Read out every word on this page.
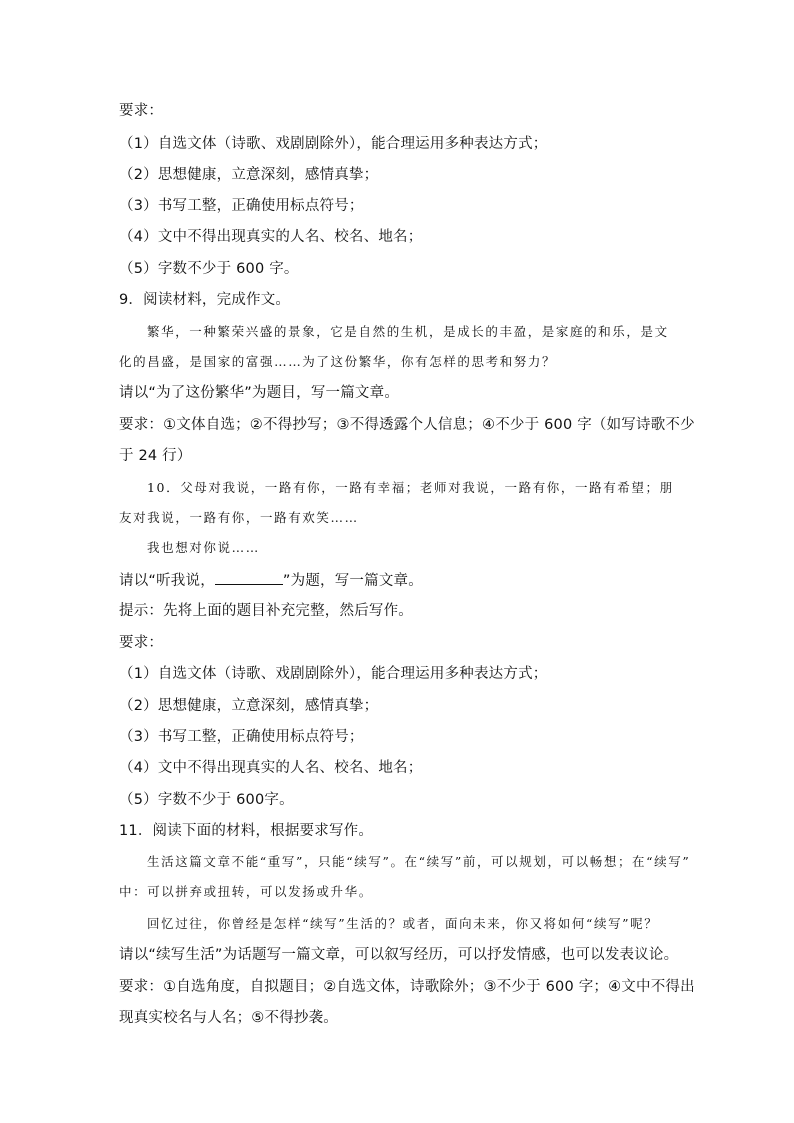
要求：
（1）自选文体（诗歌、戏剧剧除外），能合理运用多种表达方式；
（2）思想健康，立意深刻，感情真挚；
（3）书写工整，正确使用标点符号；
（4）文中不得出现真实的人名、校名、地名；
（5）字数不少于 600 字。
9．阅读材料，完成作文。
繁华，一种繁荣兴盛的景象，它是自然的生机，是成长的丰盈，是家庭的和乐，是文
化的昌盛，是国家的富强……为了这份繁华，你有怎样的思考和努力？
请以“为了这份繁华”为题目，写一篇文章。
要求：①文体自选；②不得抄写；③不得透露个人信息；④不少于 600 字（如写诗歌不少
于 24 行）
10．父母对我说，一路有你，一路有幸福；老师对我说，一路有你，一路有希望；朋
友对我说，一路有你，一路有欢笑……
我也想对你说……
请以“听我说，	”为题，写一篇文章。
提示：先将上面的题目补充完整，然后写作。
要求：
（1）自选文体（诗歌、戏剧剧除外），能合理运用多种表达方式；
（2）思想健康，立意深刻，感情真挚；
（3）书写工整，正确使用标点符号；
（4）文中不得出现真实的人名、校名、地名；
（5）字数不少于 600字。
11．阅读下面的材料，根据要求写作。
生活这篇文章不能“重写”，只能“续写”。在“续写”前，可以规划，可以畅想；在“续写”
中：可以拼弃或扭转，可以发扬或升华。
回忆过往，你曾经是怎样“续写”生活的？或者，面向未来，你又将如何“续写”呢？
请以“续写生活”为话题写一篇文章，可以叙写经历，可以抒发情感，也可以发表议论。
要求：①自选角度，自拟题目；②自选文体，诗歌除外；③不少于 600 字；④文中不得出
现真实校名与人名；⑤不得抄袭。
